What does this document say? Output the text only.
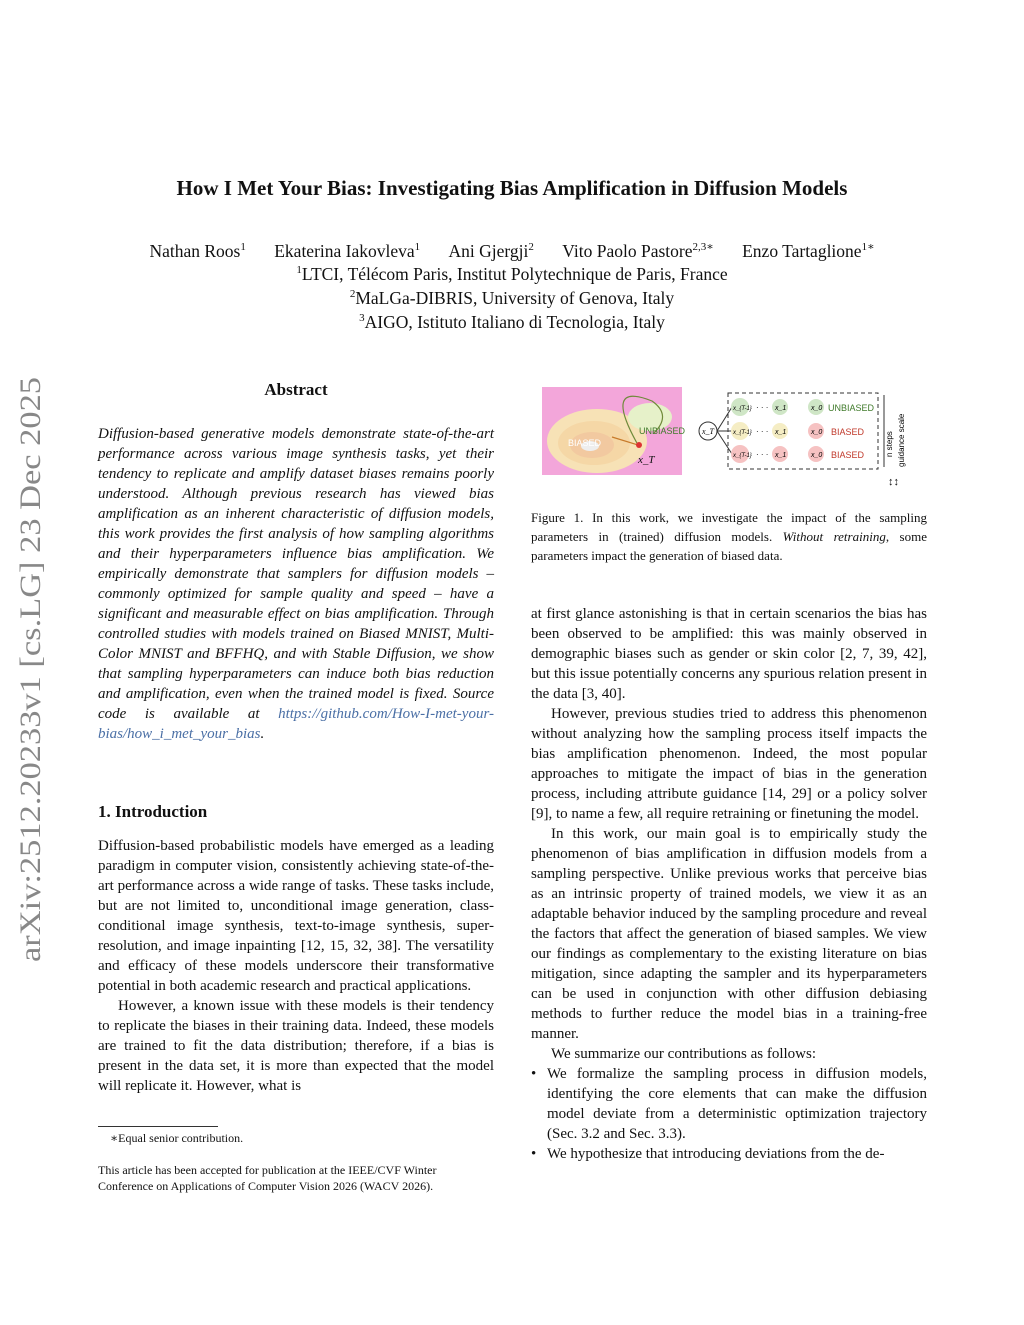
How I Met Your Bias: Investigating Bias Amplification in Diffusion Models
Nathan Roos$^1$ Ekaterina Iakovleva$^1$ Ani Gjergji$^2$ Vito Paolo Pastore$^{2,3∗}$ Enzo Tartaglione$^{1∗}$
$^1$LTCI, Télécom Paris, Institut Polytechnique de Paris, France
$^2$MaLGa-DIBRIS, University of Genova, Italy
$^3$AIGO, Istituto Italiano di Tecnologia, Italy
arXiv:2512.20233v1 [cs.LG] 23 Dec 2025
Abstract
Diffusion-based generative models demonstrate state-of-the-art performance across various image synthesis tasks, yet their tendency to replicate and amplify dataset biases remains poorly understood. Although previous research has viewed bias amplification as an inherent characteristic of diffusion models, this work provides the first analysis of how sampling algorithms and their hyperparameters influence bias amplification. We empirically demonstrate that samplers for diffusion models – commonly optimized for sample quality and speed – have a significant and measurable effect on bias amplification. Through controlled studies with models trained on Biased MNIST, Multi-Color MNIST and BFFHQ, and with Stable Diffusion, we show that sampling hyperparameters can induce both bias reduction and amplification, even when the trained model is fixed. Source code is available at https://github.com/How-I-met-your-bias/how_i_met_your_bias.
1. Introduction

Diffusion-based probabilistic models have emerged as a leading paradigm in computer vision, consistently achieving state-of-the-art performance across a wide range of tasks. These tasks include, but are not limited to, unconditional image generation, class-conditional image synthesis, text-to-image synthesis, super-resolution, and image inpainting [12, 15, 32, 38]. The versatility and efficacy of these models underscore their transformative potential in both academic research and practical applications.

However, a known issue with these models is their tendency to replicate the biases in their training data. Indeed, these models are trained to fit the data distribution; therefore, if a bias is present in the data set, it is more than expected that the model will replicate it. However, what is

∗Equal senior contribution.
This article has been accepted for publication at the IEEE/CVF Winter Conference on Applications of Computer Vision 2026 (WACV 2026).
BIASED
UNBIASED
x_T
x_T
x_{T-1} · · · x_1	x_0 UNBIASED
x_{T-1} · · · x_1	x_0 BIASED
x_{T-1} · · · x_1	x_0 BIASED	n steps guidance scale
↕↕
Figure 1. In this work, we investigate the impact of the sampling parameters in (trained) diffusion models. Without retraining, some parameters impact the generation of biased data.

at first glance astonishing is that in certain scenarios the bias has been observed to be amplified: this was mainly observed in demographic biases such as gender or skin color [2, 7, 39, 42], but this issue potentially concerns any spurious relation present in the data [3, 40].

However, previous studies tried to address this phenomenon without analyzing how the sampling process itself impacts the bias amplification phenomenon. Indeed, the most popular approaches to mitigate the impact of bias in the generation process, including attribute guidance [14, 29] or a policy solver [9], to name a few, all require retraining or finetuning the model.

In this work, our main goal is to empirically study the phenomenon of bias amplification in diffusion models from a sampling perspective. Unlike previous works that perceive bias as an intrinsic property of trained models, we view it as an adaptable behavior induced by the sampling procedure and reveal the factors that affect the generation of biased samples. We view our findings as complementary to the existing literature on bias mitigation, since adapting the sampler and its hyperparameters can be used in conjunction with other diffusion debiasing methods to further reduce the model bias in a training-free manner.

We summarize our contributions as follows:

• We formalize the sampling process in diffusion models, identifying the core elements that can make the diffusion model deviate from a deterministic optimization trajectory (Sec. 3.2 and Sec. 3.3).
• We hypothesize that introducing deviations from the de-
